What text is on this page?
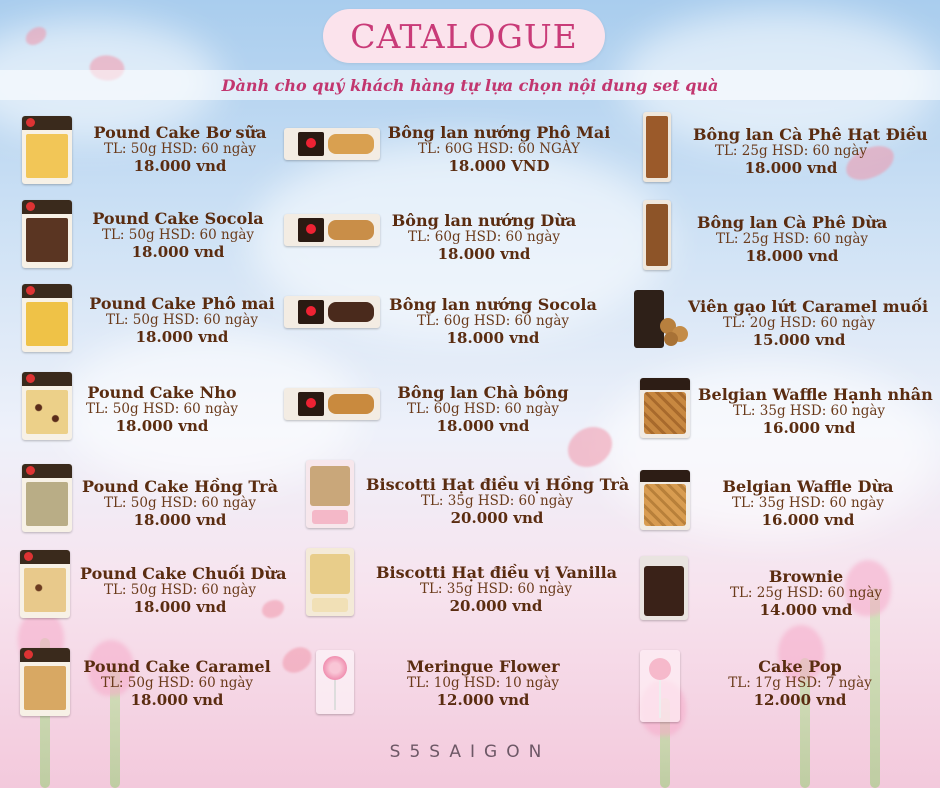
CATALOGUE
Dành cho quý khách hàng tự lựa chọn nội dung set quà
Pound Cake Bơ sữa
TL: 50g HSD: 60 ngày
18.000 vnd
Pound Cake Socola
TL: 50g HSD: 60 ngày
18.000 vnd
Pound Cake Phô mai
TL: 50g HSD: 60 ngày
18.000 vnd
Pound Cake Nho
TL: 50g HSD: 60 ngày
18.000 vnd
Pound Cake Hồng Trà
TL: 50g HSD: 60 ngày
18.000 vnd
Pound Cake Chuối Dừa
TL: 50g HSD: 60 ngày
18.000 vnd
Pound Cake Caramel
TL: 50g HSD: 60 ngày
18.000 vnd
Bông lan nướng Phô Mai
TL: 60G HSD: 60 NGÀY
18.000 VND
Bông lan nướng Dừa
TL: 60g HSD: 60 ngày
18.000 vnd
Bông lan nướng Socola
TL: 60g HSD: 60 ngày
18.000 vnd
Bông lan Chà bông
TL: 60g HSD: 60 ngày
18.000 vnd
Biscotti Hạt điều vị Hồng Trà
TL: 35g HSD: 60 ngày
20.000 vnd
Biscotti Hạt điều vị Vanilla
TL: 35g HSD: 60 ngày
20.000 vnd
Meringue Flower
TL: 10g HSD: 10 ngày
12.000 vnd
Bông lan Cà Phê Hạt Điều
TL: 25g HSD: 60 ngày
18.000 vnd
Bông lan Cà Phê Dừa
TL: 25g HSD: 60 ngày
18.000 vnd
Viên gạo lứt Caramel muối
TL: 20g HSD: 60 ngày
15.000 vnd
Belgian Waffle Hạnh nhân
TL: 35g HSD: 60 ngày
16.000 vnd
Belgian Waffle Dừa
TL: 35g HSD: 60 ngày
16.000 vnd
Brownie
TL: 25g HSD: 60 ngày
14.000 vnd
Cake Pop
TL: 17g HSD: 7 ngày
12.000 vnd
S5SAIGON
